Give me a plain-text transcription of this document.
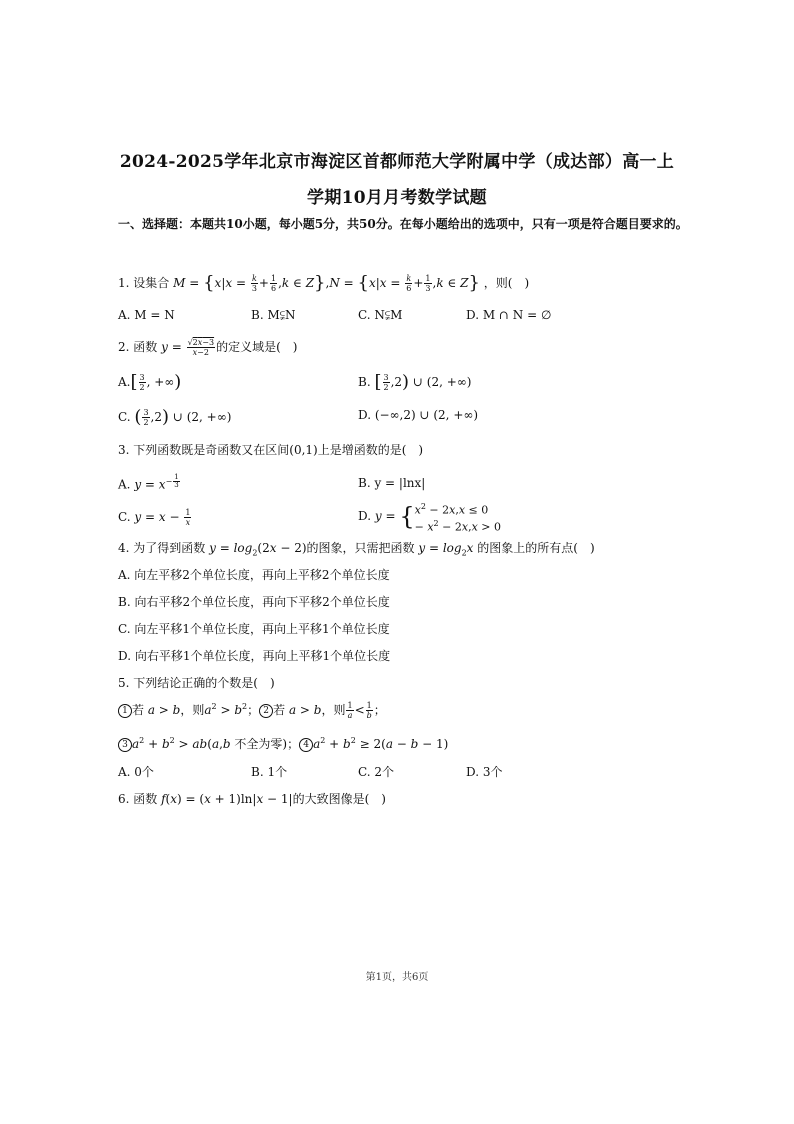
2024-2025学年北京市海淀区首都师范大学附属中学（成达部）高一上
学期10月月考数学试题
一、选择题：本题共10小题，每小题5分，共50分。在每小题给出的选项中，只有一项是符合题目要求的。
1. 设集合 $M = \{x|x = \frac{k}{3} + \frac{1}{6} ,k$ ∈ $Z\},N = \{x|x = \frac{k}{6} + \frac{1}{3} ,k$ ∈ Z} ，则(　)
A. M = N	B. M⫋N	C. N⫋M	D. M ∩ N = ∅
2. 函数 $y = \frac{√2x-3}{x-2}$ 的定义域是(　)
$A.[ \frac{3}{2}$ , +∞)	B. [ $\frac{3}{2} ,2$) ∪ (2, +∞)
C. ( $\frac{3}{2} ,2$) ∪ (2, +∞)	D. (−∞,2) ∪ (2, +∞)
3. 下列函数既是奇函数又在区间(0,1)上是增函数的是(　)
A. $y = x^{- \frac{1}{3}}$	B. y = |lnx|
C. $y = x - \frac{1}{x}$	D. y = { $x^2 - 2x,x \le 0$
− $x^2 - 2x,x > 0$
4. 为了得到函数 $y = \log_2(2x - 2)$的图象，只需把函数 $y = \log_2x$ 的图象上的所有点(　)
A. 向左平移2个单位长度，再向上平移2个单位长度
B. 向右平移2个单位长度，再向下平移2个单位长度
C. 向左平移1个单位长度，再向上平移1个单位长度
D. 向右平移1个单位长度，再向上平移1个单位长度
5. 下列结论正确的个数是(　)
1 若 a > b，则$a^2 > b^2$； 2 若 a > b，则 $\frac{1}{a} < \frac{1}{b}$ ；
3 $a^2 + b^2 > ab(a,b$ 不全为零)； 4 $a^2 + b^2 \ge 2(a - b - 1)$
A. 0个	B. 1个	C. 2个	D. 3个
6. 函数 f(x) = (x + 1)ln|x − 1|的大致图像是(　)
第1页，共6页
